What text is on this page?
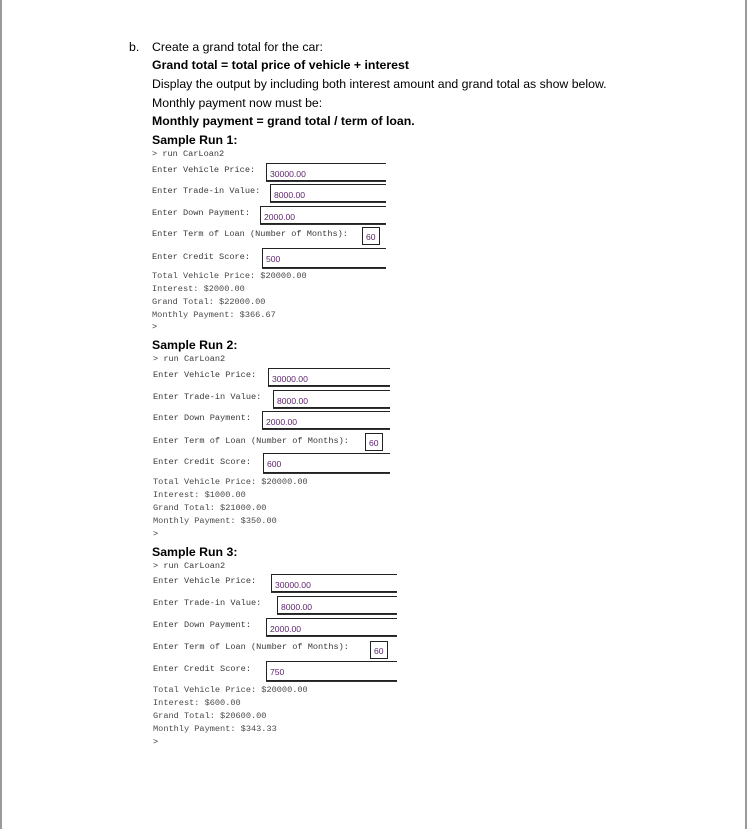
b. Create a grand total for the car:
Grand total = total price of vehicle + interest
Display the output by including both interest amount and grand total as show below.
Monthly payment now must be:
Monthly payment = grand total / term of loan.
Sample Run 1:
> run CarLoan2
Enter Vehicle Price:	30000.00
Enter Trade-in Value:	8000.00
Enter Down Payment:	2000.00
Enter Term of Loan (Number of Months):	60
Enter Credit Score:	500
Total Vehicle Price: $20000.00
Interest: $2000.00
Grand Total: $22000.00
Monthly Payment: $366.67
>
Sample Run 2:
> run CarLoan2
Enter Vehicle Price:	30000.00
Enter Trade-in Value:	8000.00
Enter Down Payment:	2000.00
Enter Term of Loan (Number of Months):	60
Enter Credit Score:	600
Total Vehicle Price: $20000.00
Interest: $1000.00
Grand Total: $21000.00
Monthly Payment: $350.00
>
Sample Run 3:
> run CarLoan2
Enter Vehicle Price:	30000.00
Enter Trade-in Value:	8000.00
Enter Down Payment:	2000.00
Enter Term of Loan (Number of Months):	60
Enter Credit Score:	750
Total Vehicle Price: $20000.00
Interest: $600.00
Grand Total: $20600.00
Monthly Payment: $343.33
>
